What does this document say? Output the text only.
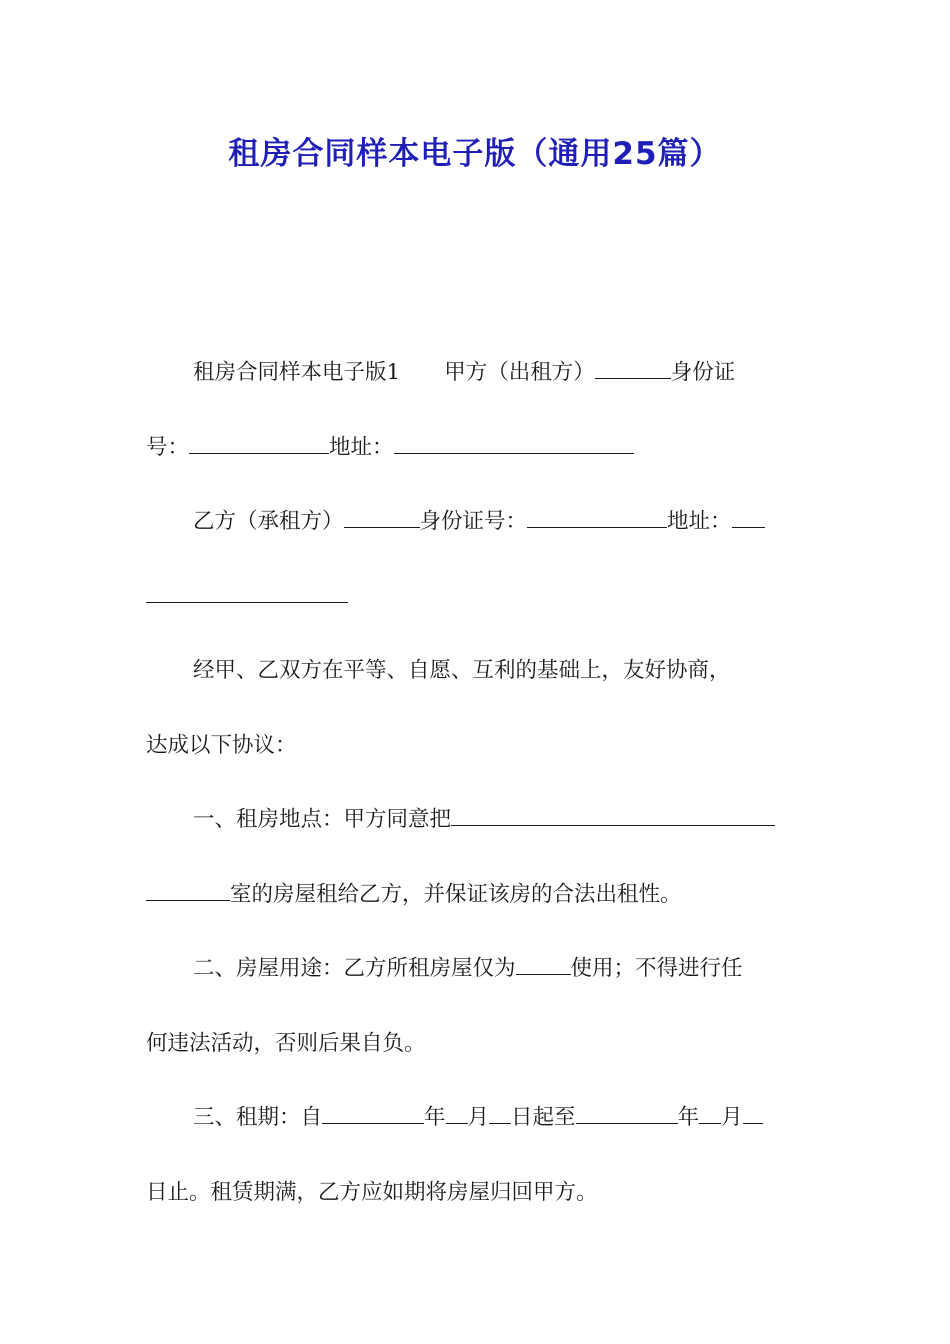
租房合同样本电子版（通用25篇）
租房合同样本电子版1 甲方（出租方）	身份证
号：	地址：
乙方（承租方）	身份证号：	地址：
经甲、乙双方在平等、自愿、互利的基础上，友好协商，
达成以下协议：
一、租房地点：甲方同意把
室的房屋租给乙方，并保证该房的合法出租性。
二、房屋用途：乙方所租房屋仅为	使用；不得进行任
何违法活动，否则后果自负。
三、租期：自	年 月 日起至	年 月
日止。租赁期满，乙方应如期将房屋归回甲方。
